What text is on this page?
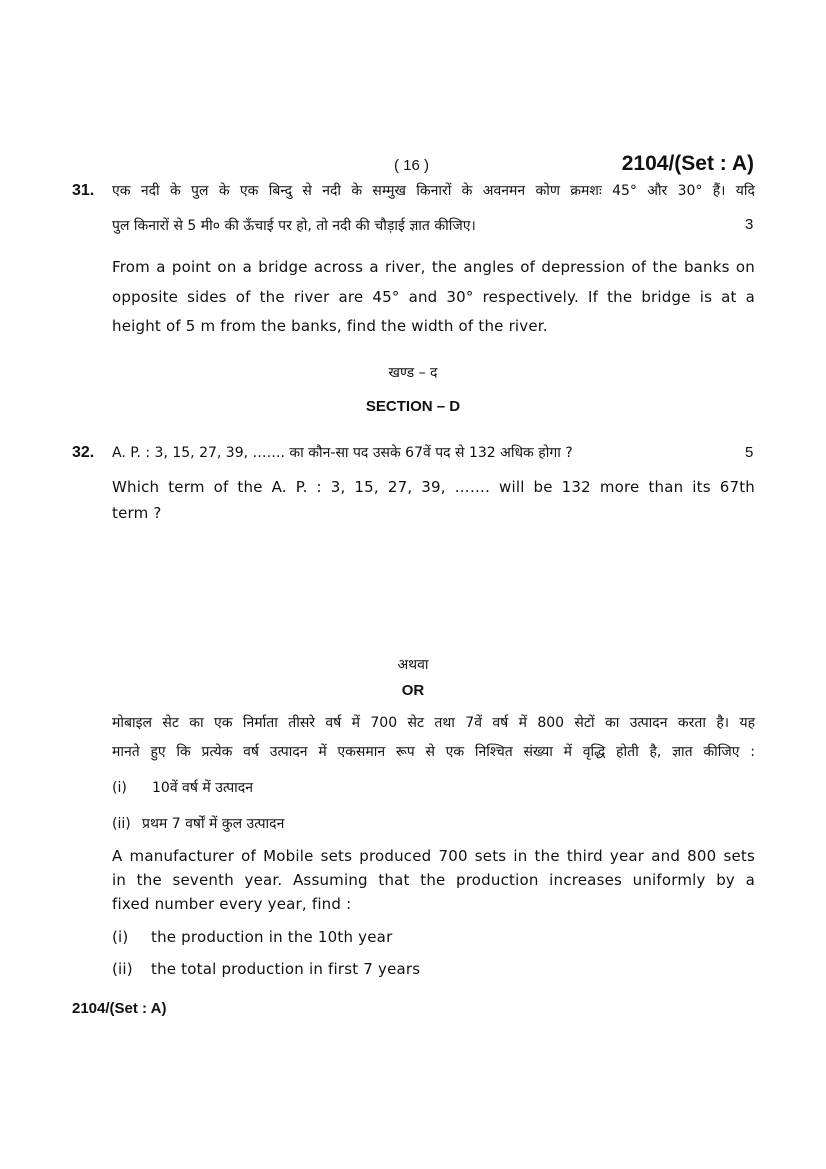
( 16 )	2104/(Set : A)
31. एक नदी के पुल के एक बिन्दु से नदी के सम्मुख किनारों के अवनमन कोण क्रमशः 45° और 30° हैं। यदि
पुल किनारों से 5 मी० की ऊँचाई पर हो, तो नदी की चौड़ाई ज्ञात कीजिए।	3
From a point on a bridge across a river, the angles of depression of the banks on
opposite sides of the river are 45° and 30° respectively. If the bridge is at a
height of 5 m from the banks, find the width of the river.
खण्ड – द
SECTION – D
32. A. P. : 3, 15, 27, 39, ……. का कौन-सा पद उसके 67वें पद से 132 अधिक होगा ?	5
Which term of the A. P. : 3, 15, 27, 39, ……. will be 132 more than its 67th
term ?
अथवा
OR
मोबाइल सेट का एक निर्माता तीसरे वर्ष में 700 सेट तथा 7वें वर्ष में 800 सेटों का उत्पादन करता है। यह
मानते हुए कि प्रत्येक वर्ष उत्पादन में एकसमान रूप से एक निश्चित संख्या में वृद्धि होती है, ज्ञात कीजिए :
(i) 10वें वर्ष में उत्पादन
(ii) प्रथम 7 वर्षों में कुल उत्पादन
A manufacturer of Mobile sets produced 700 sets in the third year and 800 sets
in the seventh year. Assuming that the production increases uniformly by a
fixed number every year, find :
(i) the production in the 10th year
(ii) the total production in first 7 years
2104/(Set : A)
